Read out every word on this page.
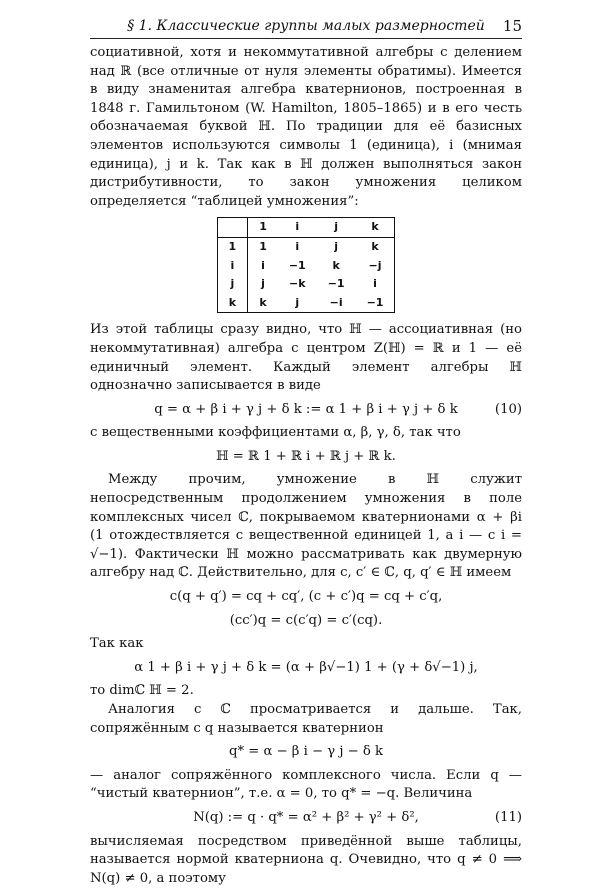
§ 1. Классические группы малых размерностей 15

социативной, хотя и некоммутативной алгебры с делением над ℝ (все отличные от нуля элементы обратимы). Имеется в виду знаменитая алгебра кватернионов, построенная в 1848 г. Гамильтоном (W. Hamilton, 1805–1865) и в его честь обозначаемая буквой ℍ. По традиции для её базисных элементов используются символы 1 (единица), i (мнимая единица), j и k. Так как в ℍ должен выполняться закон дистрибутивности, то закон умножения целиком определяется “таблицей умножения”:

	1	i	j	k
1	1	i	j	k
i	i	−1	k	−j
j	j	−k	−1	i
k	k	j	−i	−1

Из этой таблицы сразу видно, что ℍ — ассоциативная (но некоммутативная) алгебра с центром Z(ℍ) = ℝ и 1 — её единичный элемент. Каждый элемент алгебры ℍ однозначно записывается в виде

q = α + β i + γ j + δ k := α 1 + β i + γ j + δ k	(10)

с вещественными коэффициентами α, β, γ, δ, так что

ℍ = ℝ 1 + ℝ i + ℝ j + ℝ k.

Между прочим, умножение в ℍ служит непосредственным продолжением умножения в поле комплексных чисел ℂ, покрываемом кватернионами α + βi (1 отождествляется с вещественной единицей 1, а i — с i = √−1). Фактически ℍ можно рассматривать как двумерную алгебру над ℂ. Действительно, для c, c′ ∈ ℂ, q, q′ ∈ ℍ имеем

c(q + q′) = cq + cq′, (c + c′)q = cq + c′q,
(cc′)q = c(c′q) = c′(cq).

Так как

α 1 + β i + γ j + δ k = (α + β√−1) 1 + (γ + δ√−1) j,

то dimℂ ℍ = 2.

Аналогия с ℂ просматривается и дальше. Так, сопряжённым с q называется кватернион

q* = α − β i − γ j − δ k

— аналог сопряжённого комплексного числа. Если q — “чистый кватернион”, т.е. α = 0, то q* = −q. Величина

N(q) := q · q* = α² + β² + γ² + δ²,	(11)

вычисляемая посредством приведённой выше таблицы, называется нормой кватерниона q. Очевидно, что q ≠ 0 ⟹ N(q) ≠ 0, а поэтому
